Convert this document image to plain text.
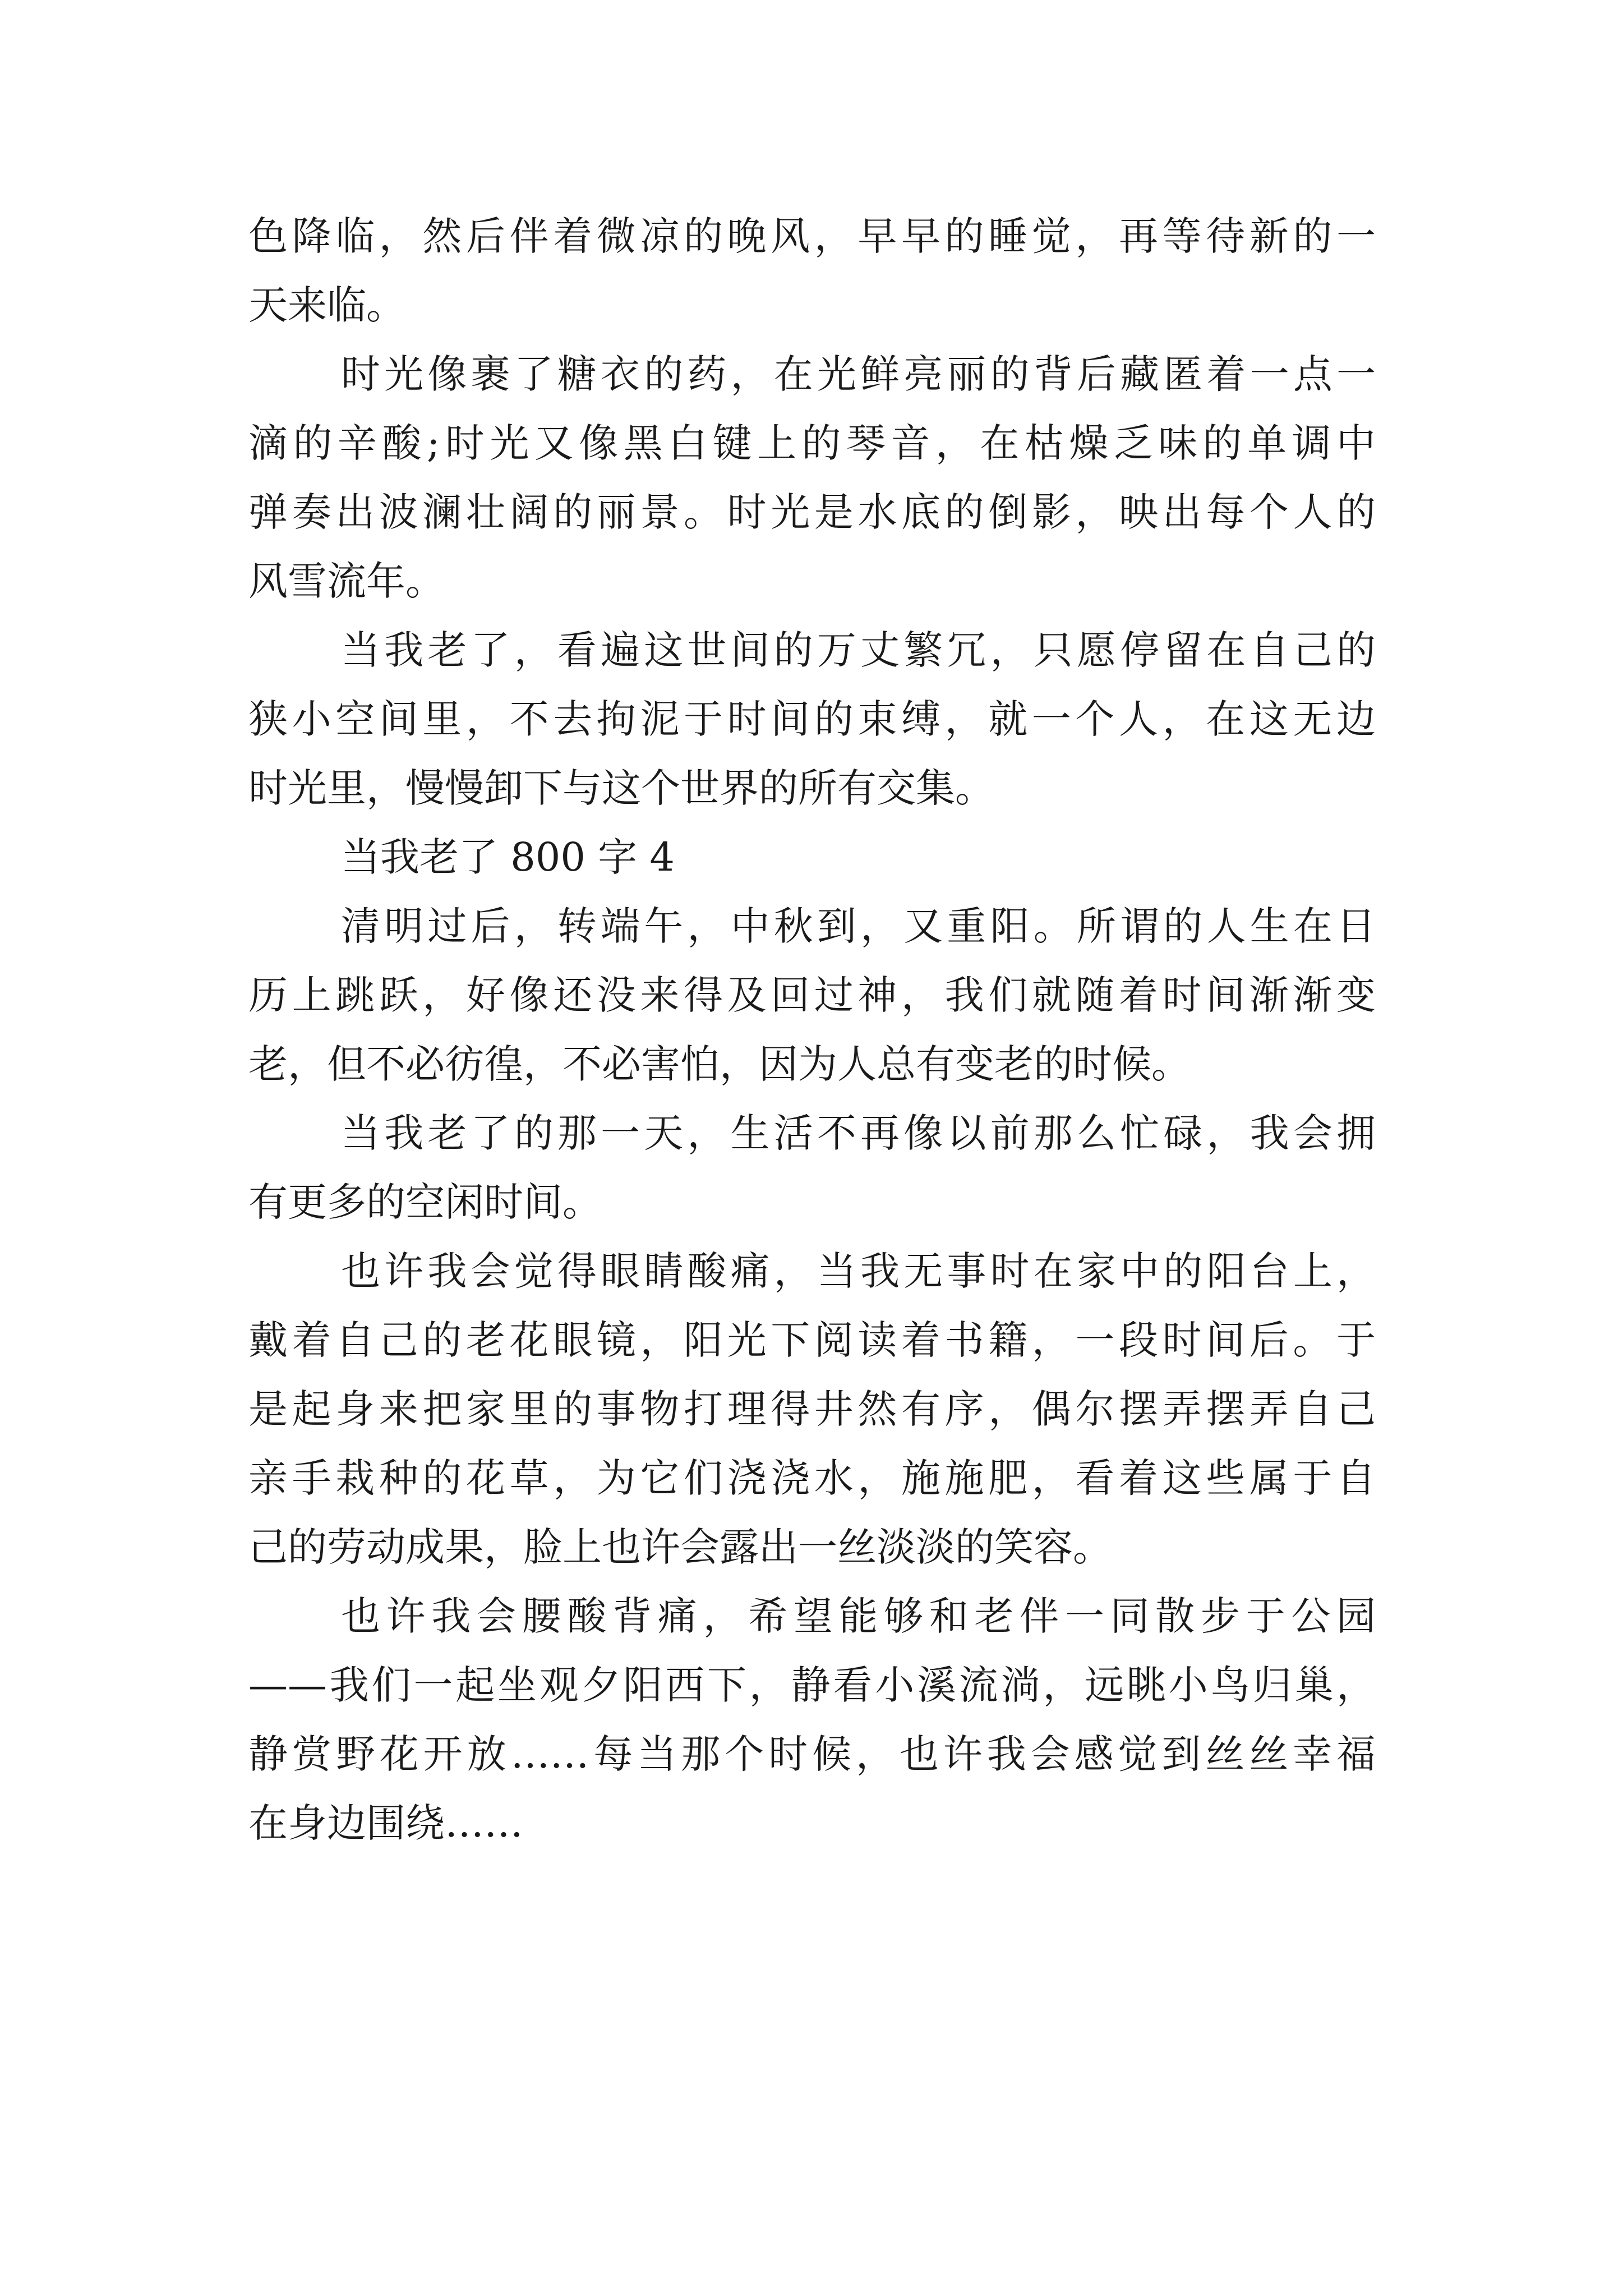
色降临，然后伴着微凉的晚风，早早的睡觉，再等待新的一
天来临。
时光像裹了糖衣的药，在光鲜亮丽的背后藏匿着一点一
滴的辛酸;时光又像黑白键上的琴音，在枯燥乏味的单调中
弹奏出波澜壮阔的丽景。时光是水底的倒影，映出每个人的
风雪流年。
当我老了，看遍这世间的万丈繁冗，只愿停留在自己的
狭小空间里，不去拘泥于时间的束缚，就一个人，在这无边
时光里，慢慢卸下与这个世界的所有交集。
当我老了 800 字 4
清明过后，转端午，中秋到，又重阳。所谓的人生在日
历上跳跃，好像还没来得及回过神，我们就随着时间渐渐变
老，但不必彷徨，不必害怕，因为人总有变老的时候。
当我老了的那一天，生活不再像以前那么忙碌，我会拥
有更多的空闲时间。
也许我会觉得眼睛酸痛，当我无事时在家中的阳台上，
戴着自己的老花眼镜，阳光下阅读着书籍，一段时间后。于
是起身来把家里的事物打理得井然有序，偶尔摆弄摆弄自己
亲手栽种的花草，为它们浇浇水，施施肥，看着这些属于自
己的劳动成果，脸上也许会露出一丝淡淡的笑容。
也许我会腰酸背痛，希望能够和老伴一同散步于公园
——我们一起坐观夕阳西下，静看小溪流淌，远眺小鸟归巢，
静赏野花开放……每当那个时候，也许我会感觉到丝丝幸福
在身边围绕……
